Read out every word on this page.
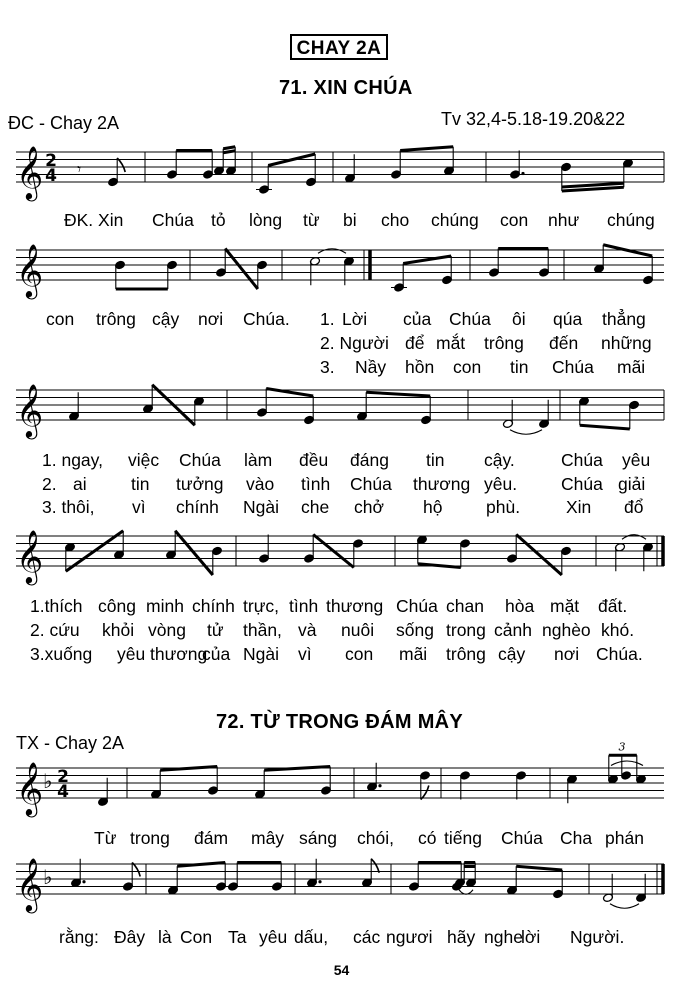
CHAY 2A
71. XIN CHÚA
ĐC - Chay 2A	Tv 32,4-5.18-19.20&22
𝄞 2
4 𝄾
𝄞
𝄞
𝄞
ĐK. Xin Chúa tỏ lòng từ bi cho chúng con như chúng
con trông cậy nơi Chúa. 1. Lời của Chúa ôi qúa thẳng
2. Người để mắt trông đến những
3. Nầy hồn con tin Chúa mãi
1. ngay, việc Chúa làm đều đáng tin cậy.	Chúa yêu
2. ai	tin tưởng vào tình Chúa thương yêu.	Chúa giải
3. thôi, vì chính Ngài che chở hộ phù.	Xin đổ
1.thích công minh chính trực, tình thương Chúa chan hòa mặt đất.
2. cứu khỏi vòng tử thần, và nuôi sống trong cảnh nghèo khó.
3.xuống yêu thương
của Ngài vì con mãi trông cậy nơi Chúa.
72. TỪ TRONG ĐÁM MÂY
TX - Chay 2A
𝄞 ♭ 2
4
3
𝄞 ♭
Từ trong đám mây sáng chói, có tiếng Chúa Cha phán
rằng: Đây là Con Ta yêu dấu, các ngươi hãy nghe
lời Người.
54
